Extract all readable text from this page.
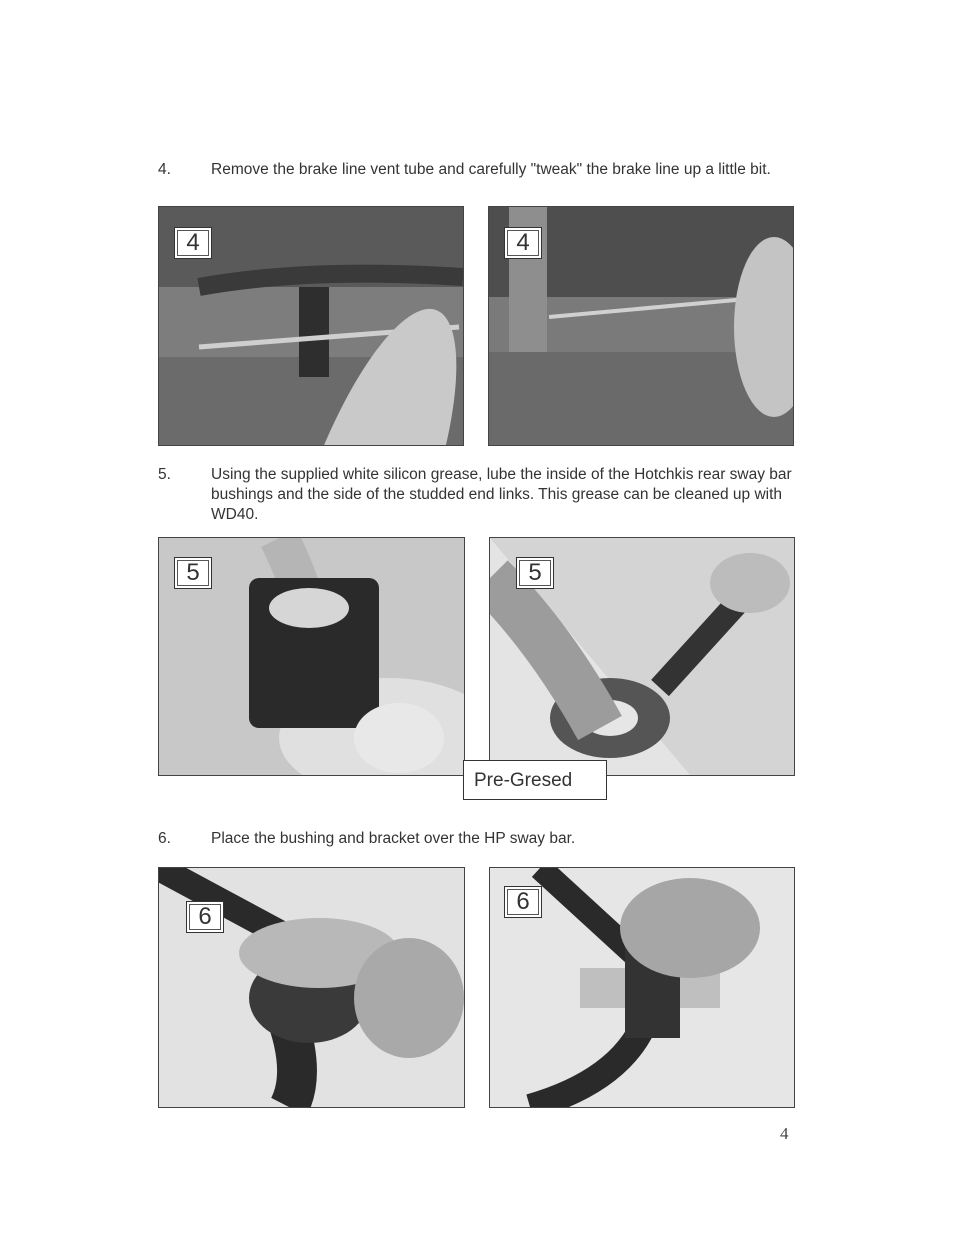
4.	Remove the brake line vent tube and carefully "tweak" the brake line up a little bit.
4	4
5.	Using the supplied white silicon grease, lube the inside of the Hotchkis rear sway bar bushings and the side of the studded end links. This grease can be cleaned up with WD40.
5	5
Pre-Gresed
6.	Place the bushing and bracket over the HP sway bar.
6
6
4
